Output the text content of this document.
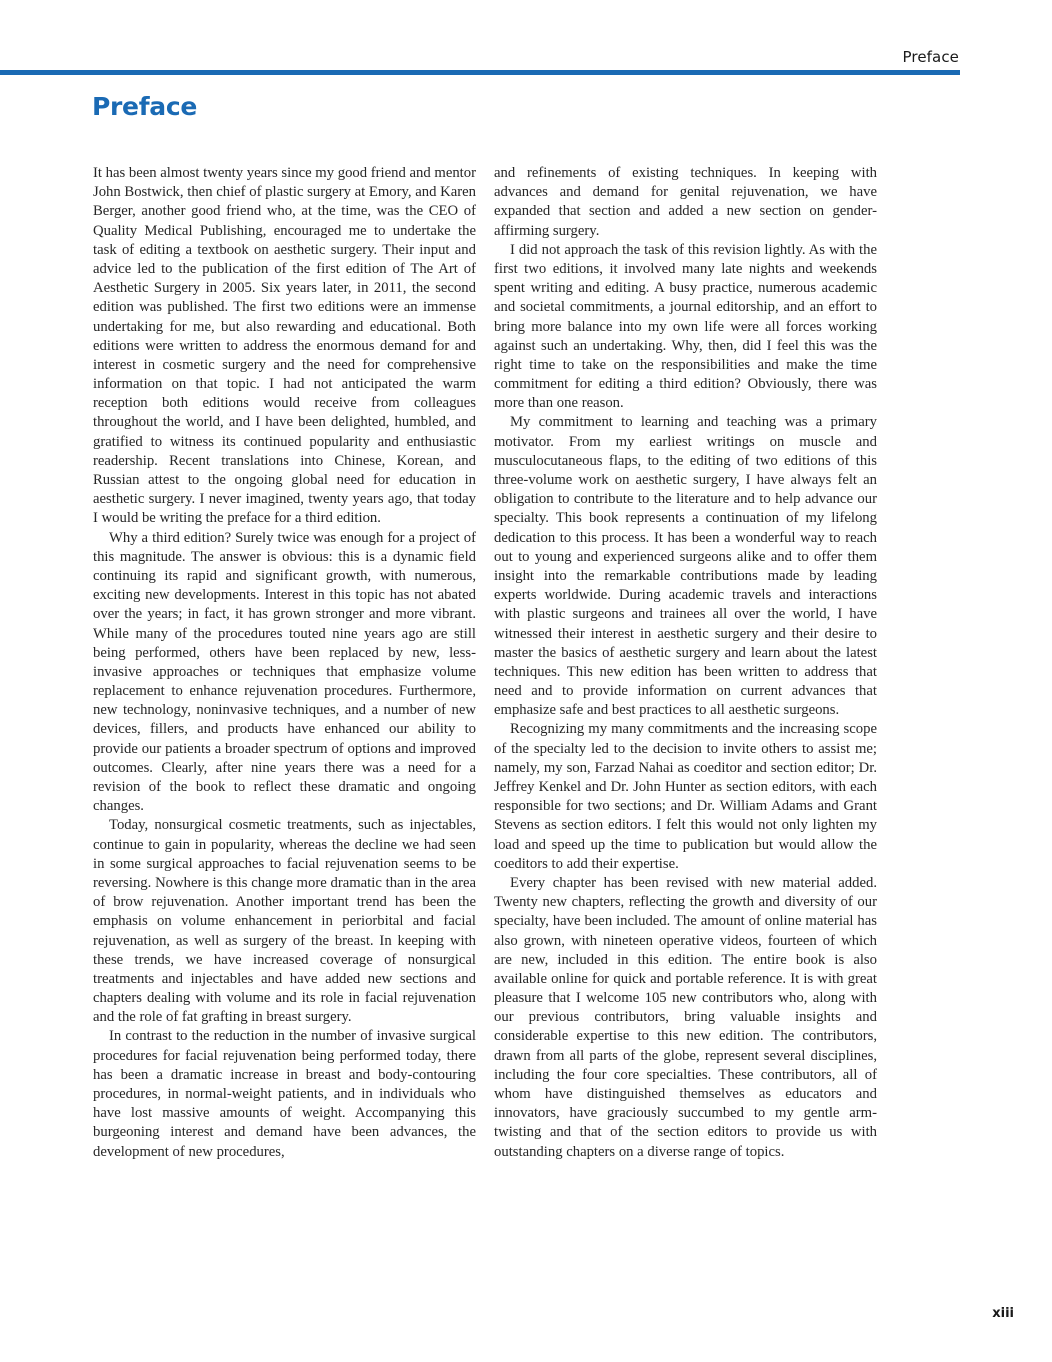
Preface
Preface

It has been almost twenty years since my good friend and mentor John Bostwick, then chief of plastic surgery at Emory, and Karen Berger, another good friend who, at the time, was the CEO of Quality Medical Publishing, encouraged me to undertake the task of editing a textbook on aesthetic surgery. Their input and advice led to the publication of the first edition of The Art of Aesthetic Surgery in 2005. Six years later, in 2011, the second edition was published. The first two editions were an immense undertaking for me, but also rewarding and educational. Both editions were written to address the enormous demand for and interest in cosmetic surgery and the need for comprehensive information on that topic. I had not anticipated the warm reception both editions would receive from colleagues throughout the world, and I have been delighted, humbled, and gratified to witness its continued popularity and enthusiastic readership. Recent translations into Chinese, Korean, and Russian attest to the ongoing global need for education in aesthetic surgery. I never imagined, twenty years ago, that today I would be writing the preface for a third edition.

Why a third edition? Surely twice was enough for a project of this magnitude. The answer is obvious: this is a dynamic field continuing its rapid and significant growth, with numerous, exciting new developments. Interest in this topic has not abated over the years; in fact, it has grown stronger and more vibrant. While many of the procedures touted nine years ago are still being performed, others have been replaced by new, less-invasive approaches or techniques that emphasize volume replacement to enhance rejuvenation procedures. Furthermore, new technology, noninvasive techniques, and a number of new devices, fillers, and products have enhanced our ability to provide our patients a broader spectrum of options and improved outcomes. Clearly, after nine years there was a need for a revision of the book to reflect these dramatic and ongoing changes.

Today, nonsurgical cosmetic treatments, such as injectables, continue to gain in popularity, whereas the decline we had seen in some surgical approaches to facial rejuvenation seems to be reversing. Nowhere is this change more dramatic than in the area of brow rejuvenation. Another important trend has been the emphasis on volume enhancement in periorbital and facial rejuvenation, as well as surgery of the breast. In keeping with these trends, we have increased coverage of nonsurgical treatments and injectables and have added new sections and chapters dealing with volume and its role in facial rejuvenation and the role of fat grafting in breast surgery.

In contrast to the reduction in the number of invasive surgical procedures for facial rejuvenation being performed today, there has been a dramatic increase in breast and body-contouring procedures, in normal-weight patients, and in individuals who have lost massive amounts of weight. Accompanying this burgeoning interest and demand have been advances, the development of new procedures,

and refinements of existing techniques. In keeping with advances and demand for genital rejuvenation, we have expanded that section and added a new section on gender-affirming surgery.

I did not approach the task of this revision lightly. As with the first two editions, it involved many late nights and weekends spent writing and editing. A busy practice, numerous academic and societal commitments, a journal editorship, and an effort to bring more balance into my own life were all forces working against such an undertaking. Why, then, did I feel this was the right time to take on the responsibilities and make the time commitment for editing a third edition? Obviously, there was more than one reason.

My commitment to learning and teaching was a primary motivator. From my earliest writings on muscle and musculocutaneous flaps, to the editing of two editions of this three-volume work on aesthetic surgery, I have always felt an obligation to contribute to the literature and to help advance our specialty. This book represents a continuation of my lifelong dedication to this process. It has been a wonderful way to reach out to young and experienced surgeons alike and to offer them insight into the remarkable contributions made by leading experts worldwide. During academic travels and interactions with plastic surgeons and trainees all over the world, I have witnessed their interest in aesthetic surgery and their desire to master the basics of aesthetic surgery and learn about the latest techniques. This new edition has been written to address that need and to provide information on current advances that emphasize safe and best practices to all aesthetic surgeons.

Recognizing my many commitments and the increasing scope of the specialty led to the decision to invite others to assist me; namely, my son, Farzad Nahai as coeditor and section editor; Dr. Jeffrey Kenkel and Dr. John Hunter as section editors, with each responsible for two sections; and Dr. William Adams and Grant Stevens as section editors. I felt this would not only lighten my load and speed up the time to publication but would allow the coeditors to add their expertise.

Every chapter has been revised with new material added. Twenty new chapters, reflecting the growth and diversity of our specialty, have been included. The amount of online material has also grown, with nineteen operative videos, fourteen of which are new, included in this edition. The entire book is also available online for quick and portable reference. It is with great pleasure that I welcome 105 new contributors who, along with our previous contributors, bring valuable insights and considerable expertise to this new edition. The contributors, drawn from all parts of the globe, represent several disciplines, including the four core specialties. These contributors, all of whom have distinguished themselves as educators and innovators, have graciously succumbed to my gentle arm-twisting and that of the section editors to provide us with outstanding chapters on a diverse range of topics.

xiii
